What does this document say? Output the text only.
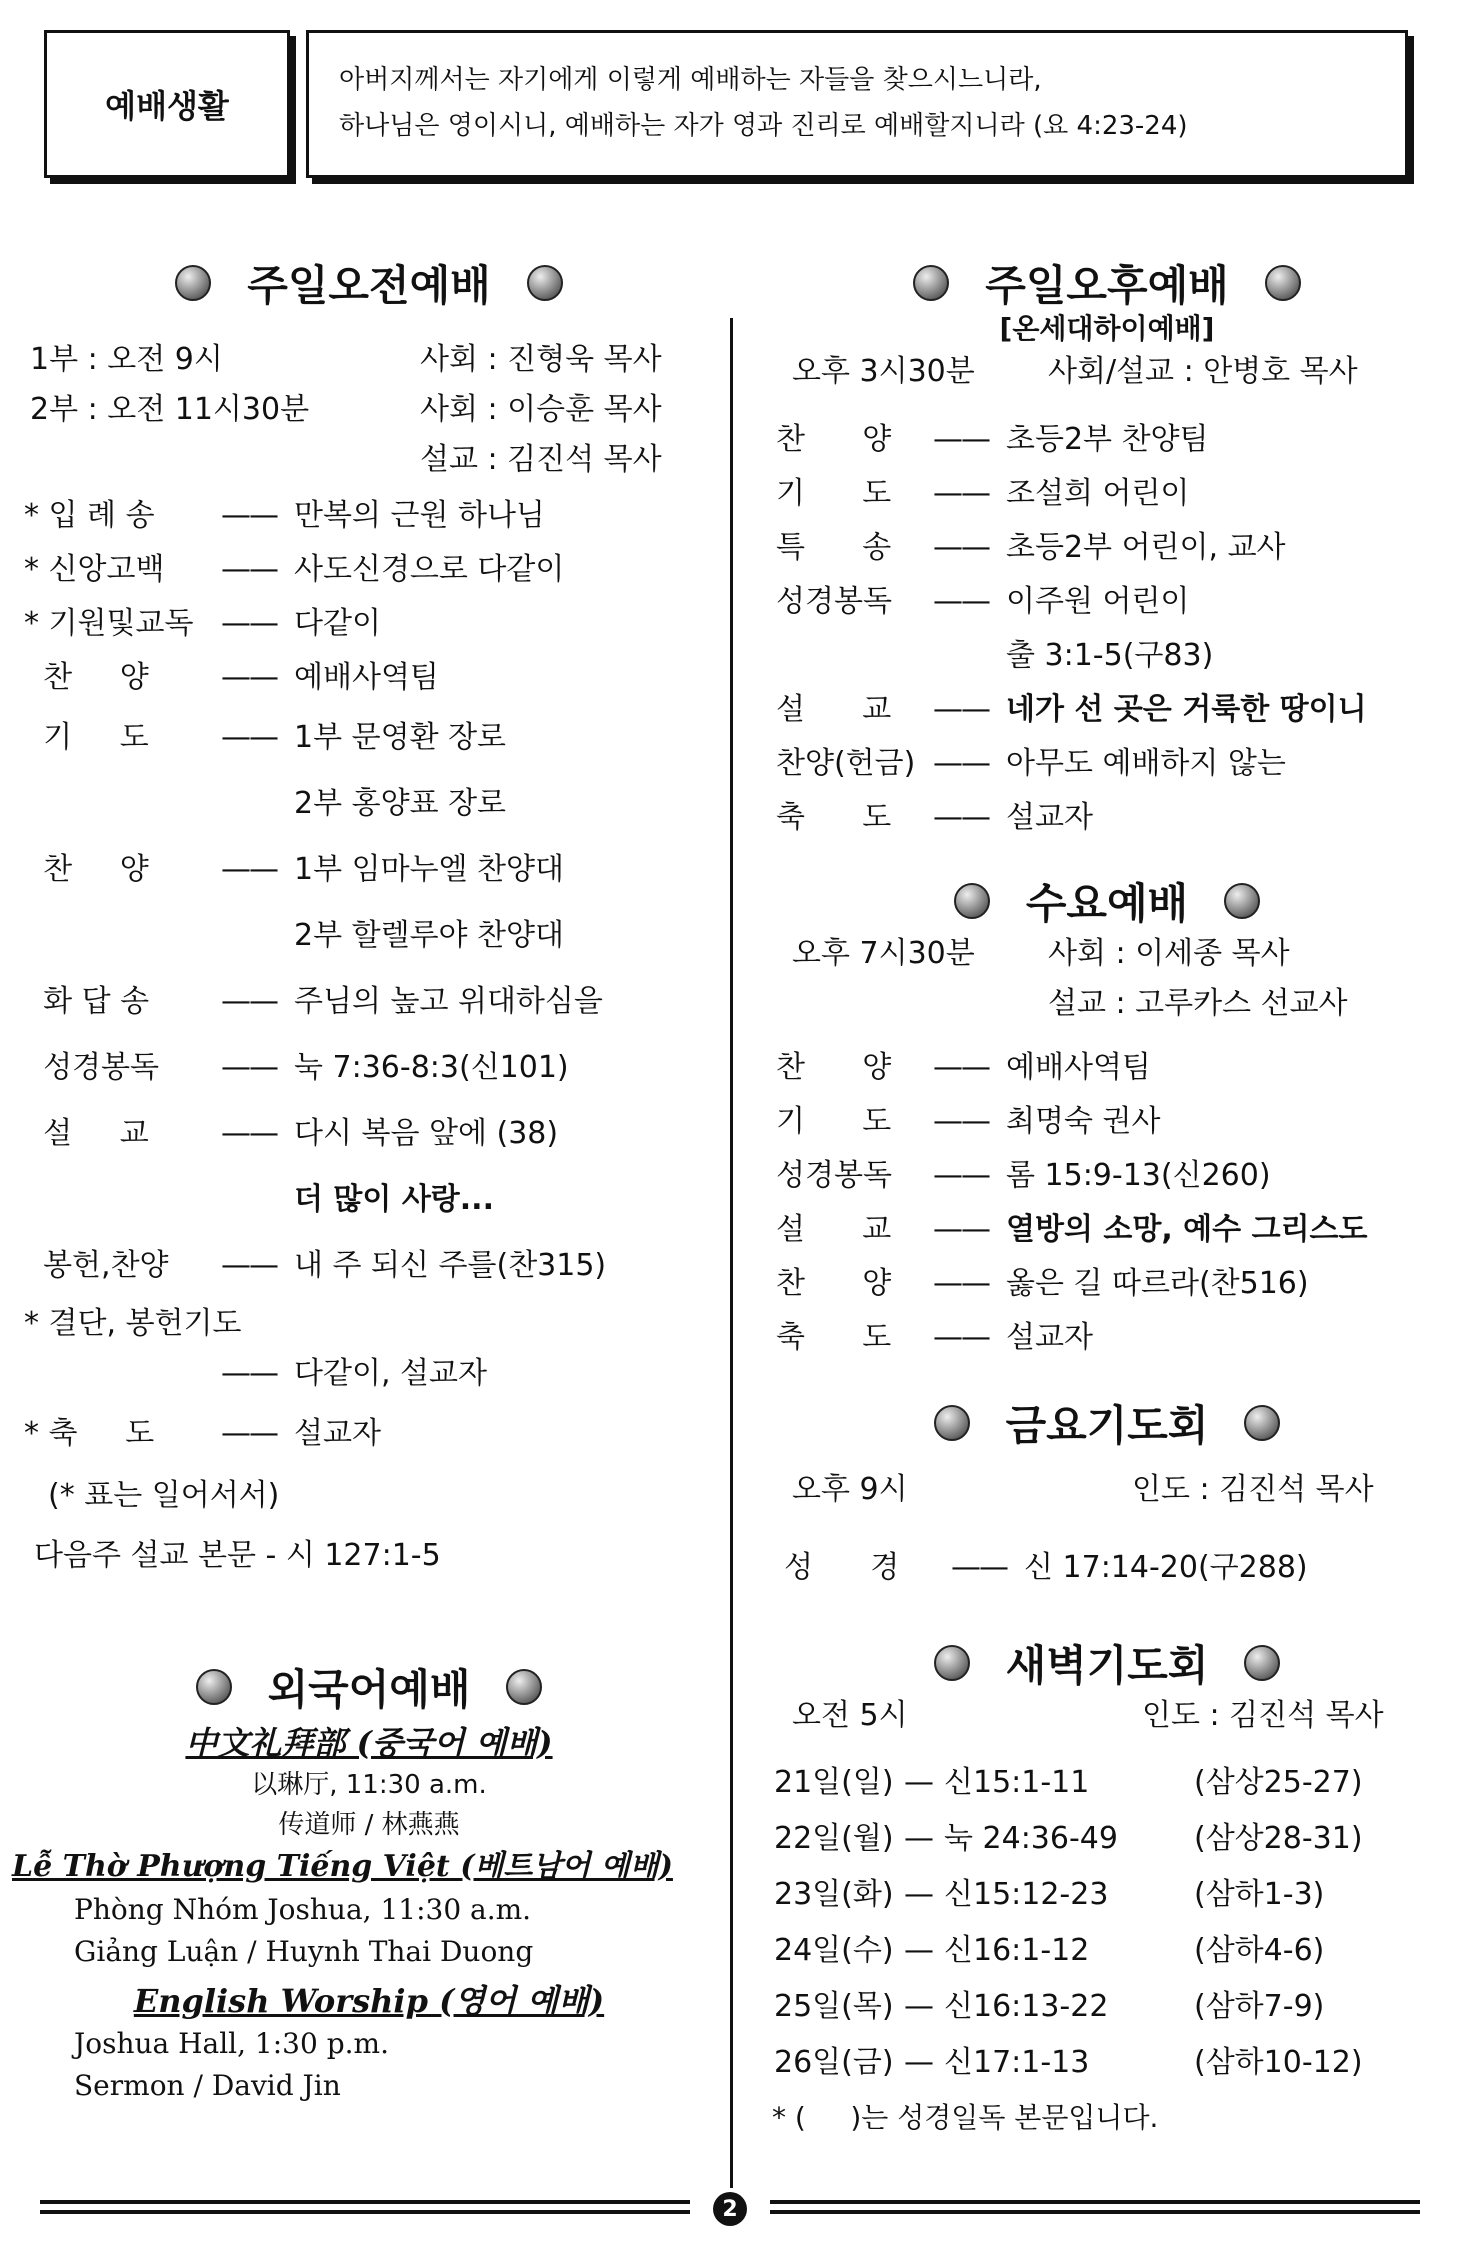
예배생활
아버지께서는 자기에게 이렇게 예배하는 자들을 찾으시느니라,
하나님은 영이시니, 예배하는 자가 영과 진리로 예배할지니라 (요 4:23-24)
주일오전예배
1부 : 오전 9시	사회 : 진형욱 목사
2부 : 오전 11시30분	사회 : 이승훈 목사
설교 : 김진석 목사
* 입 례 송	—— 만복의 근원 하나님
* 신앙고백	—— 사도신경으로 다같이
* 기원및교독 —— 다같이
찬     양	—— 예배사역팀
기     도	—— 1부 문영환 장로
2부 홍양표 장로
찬     양	—— 1부 임마누엘 찬양대
2부 할렐루야 찬양대
화 답 송	—— 주님의 높고 위대하심을
성경봉독	—— 눅 7:36-8:3(신101)
설     교	—— 다시 복음 앞에 (38)
더 많이 사랑...
봉헌,찬양	—— 내 주 되신 주를(찬315)
* 결단, 봉헌기도
—— 다같이, 설교자
* 축     도	—— 설교자
(* 표는 일어서서)
다음주 설교 본문 - 시 127:1-5
외국어예배
中文礼拜部 (중국어 예배)
以琳厅, 11:30 a.m.
传道师 / 林燕燕
Lễ Thờ Phượng Tiếng Việt (베트남어 예배)
Phòng Nhóm Joshua, 11:30 a.m.
Giảng Luận / Huynh Thai Duong
English Worship (영어 예배)
Joshua Hall, 1:30 p.m.
Sermon / David Jin
주일오후예배
[온세대하이예배]
오후 3시30분	사회/설교 : 안병호 목사
찬      양	—— 초등2부 찬양팀
기      도	—— 조설희 어린이
특      송	—— 초등2부 어린이, 교사
성경봉독	—— 이주원 어린이
출 3:1-5(구83)
설      교	—— 네가 선 곳은 거룩한 땅이니
찬양(헌금) —— 아무도 예배하지 않는
축      도	—— 설교자
수요예배
오후 7시30분	사회 : 이세종 목사
설교 : 고루카스 선교사
찬      양	—— 예배사역팀
기      도	—— 최명숙 권사
성경봉독	—— 롬 15:9-13(신260)
설      교	—— 열방의 소망, 예수 그리스도
찬      양	—— 옳은 길 따르라(찬516)
축      도	—— 설교자
금요기도회
오후 9시	인도 : 김진석 목사
성      경	—— 신 17:14-20(구288)
새벽기도회
오전 5시	인도 : 김진석 목사
21일(일) — 신15:1-11	(삼상25-27)
22일(월) — 눅 24:36-49	(삼상28-31)
23일(화) — 신15:12-23	(삼하1-3)
24일(수) — 신16:1-12	(삼하4-6)
25일(목) — 신16:13-22	(삼하7-9)
26일(금) — 신17:1-13	(삼하10-12)
* (     )는 성경일독 본문입니다.
2
